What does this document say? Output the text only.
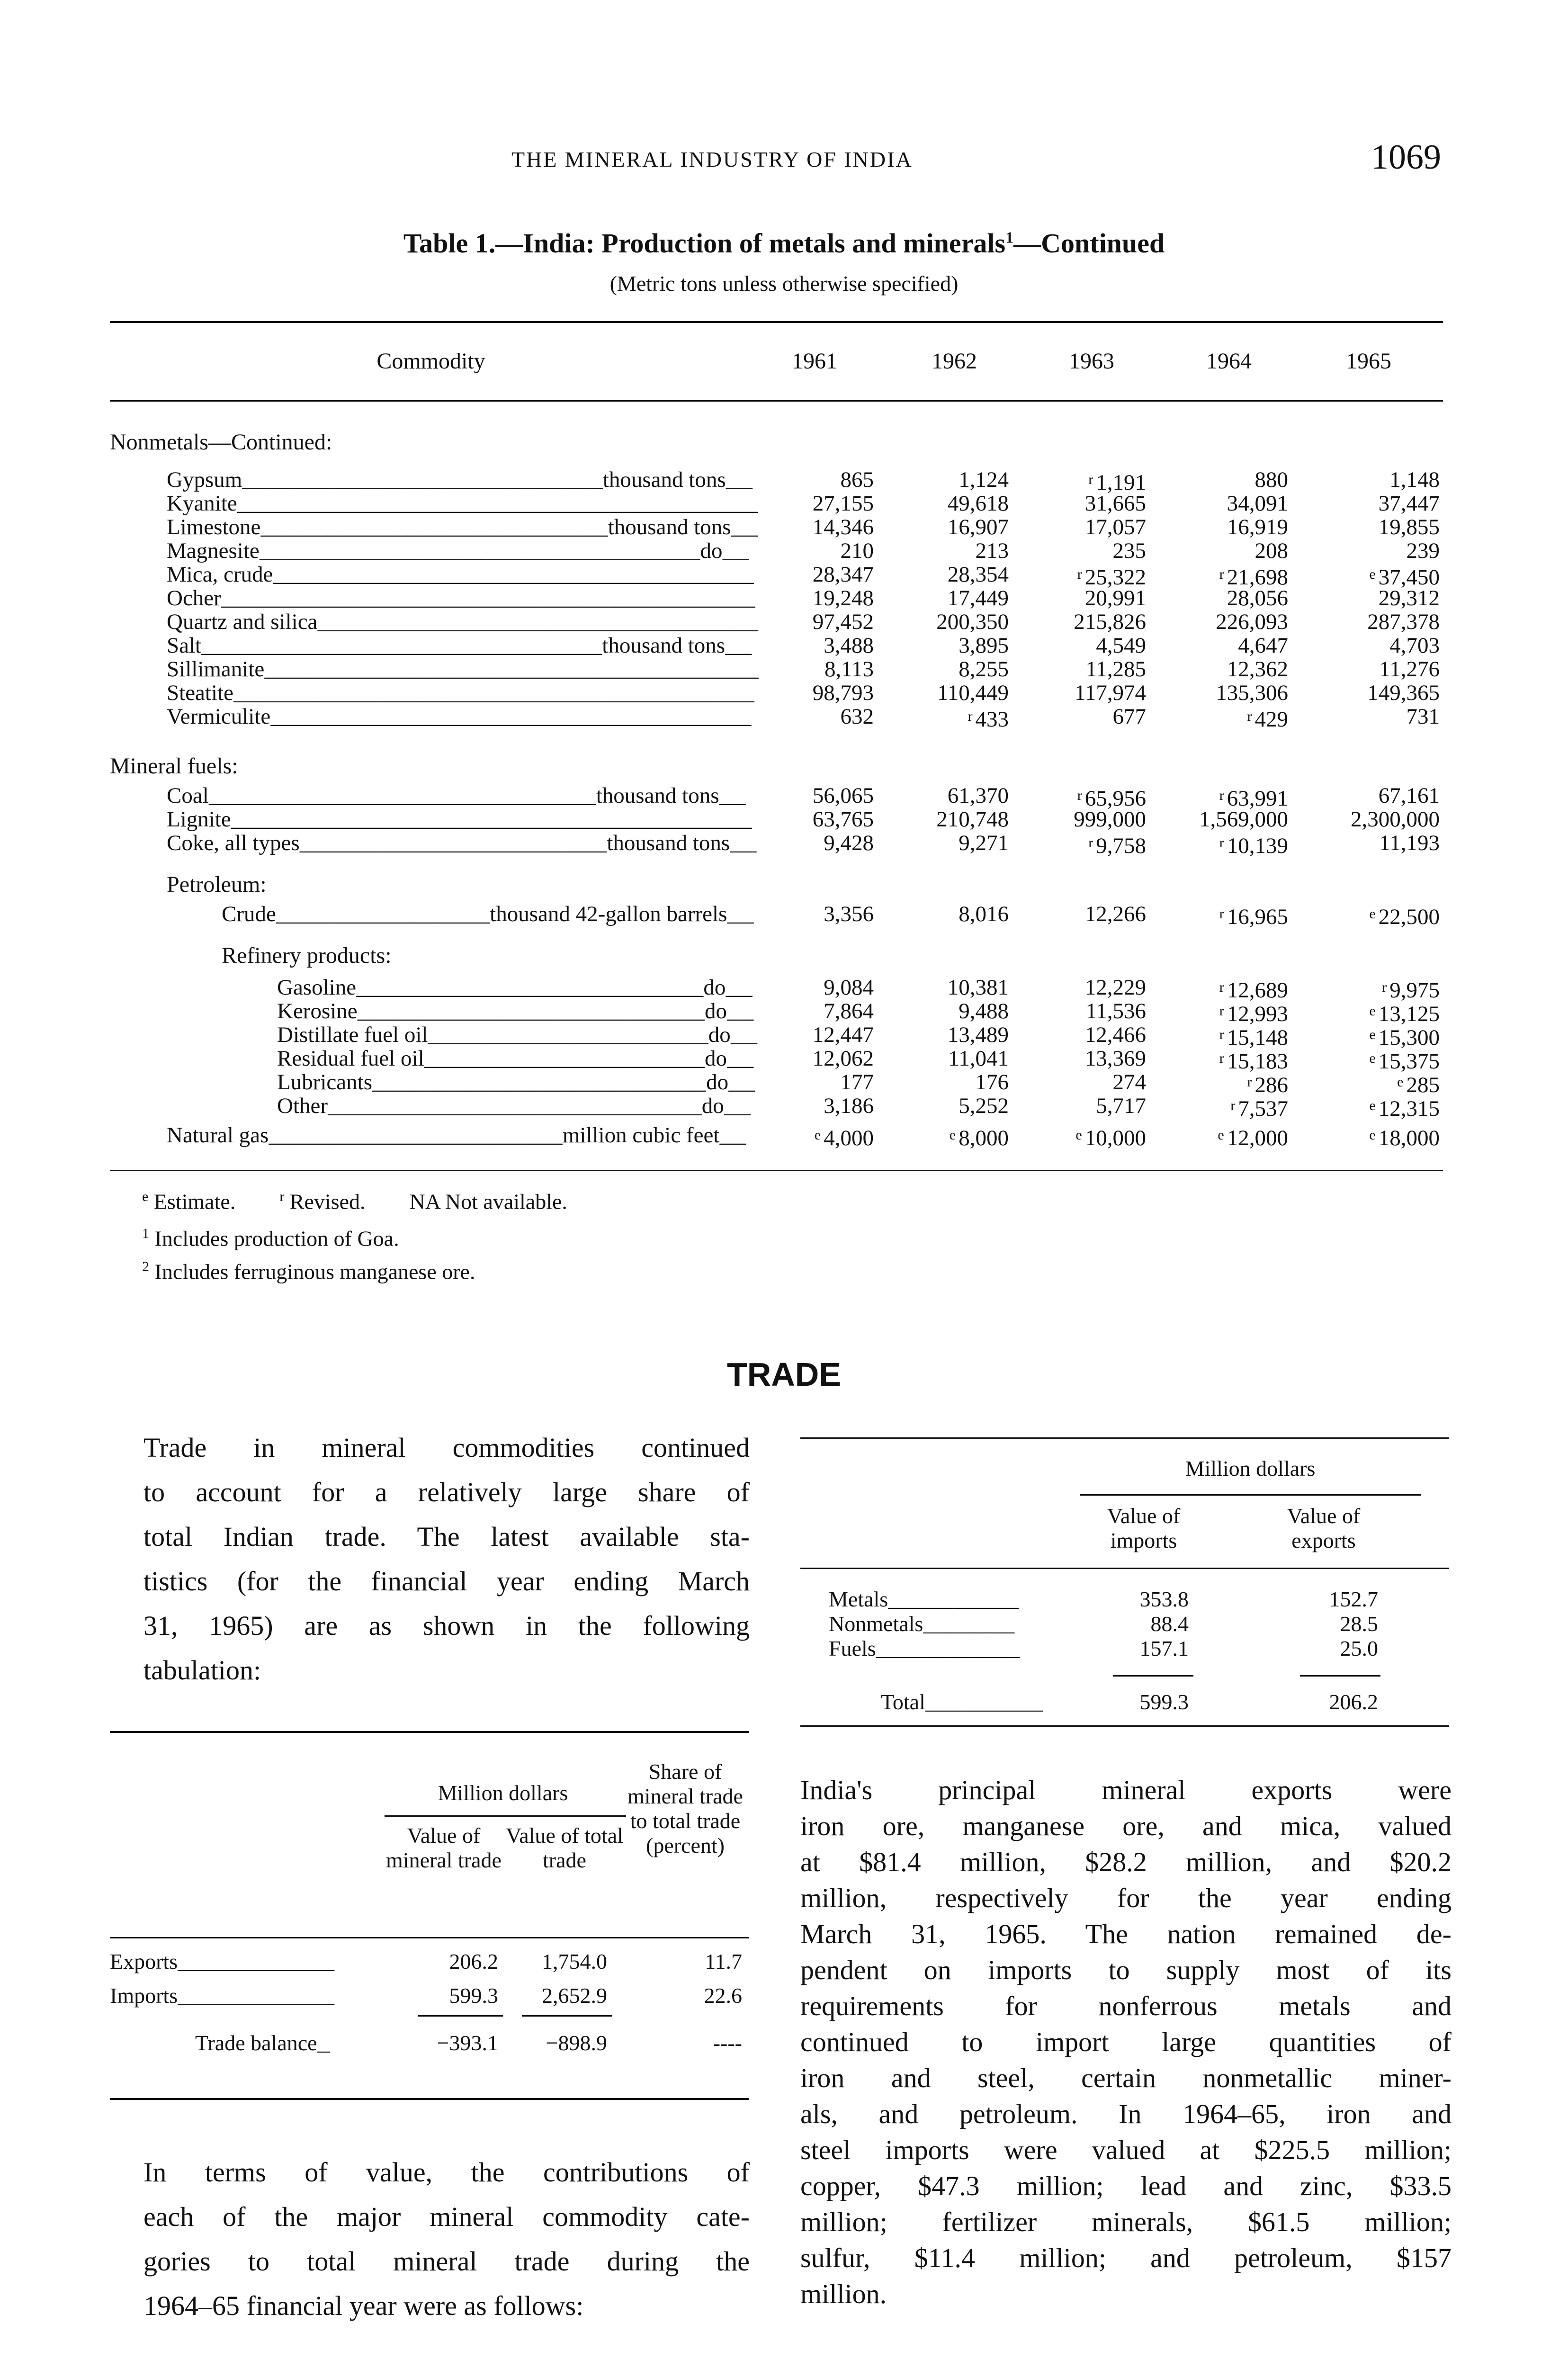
THE MINERAL INDUSTRY OF INDIA	1069
Table 1.—India: Production of metals and minerals$^1$—Continued
(Metric tons unless otherwise specified)
Commodity	1961	1962	1963	1964	1965
Nonmetals—Continued:
Gypsum___________________________thousand tons__	865	1,124	$^r$ 1,191	880	1,148
Kyanite_______________________________________	27,155	49,618	31,665	34,091	37,447
Limestone__________________________thousand tons__	14,346	16,907	17,057	16,919	19,855
Magnesite_________________________________do__	210	213	235	208	239
Mica, crude____________________________________	28,347	28,354	$^r$ 25,322	$^r$ 21,698	$^e$ 37,450
Ocher________________________________________	19,248	17,449	20,991	28,056	29,312
Quartz and silica_________________________________	97,452	200,350	215,826	226,093	287,378
Salt______________________________thousand tons__	3,488	3,895	4,549	4,647	4,703
Sillimanite_____________________________________	8,113	8,255	11,285	12,362	11,276
Steatite_______________________________________	98,793	110,449	117,974	135,306	149,365
Vermiculite____________________________________	632	$^r$ 433	677	$^r$ 429	731
Mineral fuels:
Coal_____________________________thousand tons__	56,065	61,370	$^r$ 65,956	$^r$ 63,991	67,161
Lignite_______________________________________	63,765	210,748	999,000	1,569,000	2,300,000
Coke, all types_______________________thousand tons__	9,428	9,271	$^r$ 9,758	$^r$ 10,139	11,193
Petroleum:
Crude________________thousand 42-gallon barrels__	3,356	8,016	12,266	$^r$ 16,965	$^e$ 22,500
Refinery products:
Gasoline__________________________do__	9,084	10,381	12,229	$^r$ 12,689	$^r$ 9,975
Kerosine__________________________do__	7,864	9,488	11,536	$^r$ 12,993	$^e$ 13,125
Distillate fuel oil_____________________do__	12,447	13,489	12,466	$^r$ 15,148	$^e$ 15,300
Residual fuel oil_____________________do__	12,062	11,041	13,369	$^r$ 15,183	$^e$ 15,375
Lubricants_________________________do__	177	176	274	$^r$ 286	$^e$ 285
Other____________________________do__	3,186	5,252	5,717	$^r$ 7,537	$^e$ 12,315
Natural gas______________________million cubic feet__	$^e$ 4,000	$^e$ 8,000	$^e$ 10,000	$^e$ 12,000	$^e$ 18,000
$^e$ Estimate.	$^r$ Revised. NA Not available.
$^1$ Includes production of Goa.
$^2$ Includes ferruginous manganese ore.
TRADE
Trade in mineral commodities continued
to account for a relatively large share of
total Indian trade. The latest available sta-
tistics (for the financial year ending March
31, 1965) are as shown in the following
tabulation:
Share of mineral trade to total trade (percent)
Million dollars
Value of mineral trade
Value of total trade
Exports____________	206.2	1,754.0	11.7
Imports____________	599.3	2,652.9	22.6
Trade balance_	−393.1	−898.9	----
In terms of value, the contributions of
each of the major mineral commodity cate-
gories to total mineral trade during the
1964–65 financial year were as follows:
Million dollars
Value of imports
Value of exports
Metals__________	353.8	152.7
Nonmetals_______	88.4	28.5
Fuels___________	157.1	25.0
Total_________	599.3	206.2
India's principal mineral exports were
iron ore, manganese ore, and mica, valued
at $81.4 million, $28.2 million, and $20.2
million, respectively for the year ending
March 31, 1965. The nation remained de-
pendent on imports to supply most of its
requirements for nonferrous metals and
continued to import large quantities of
iron and steel, certain nonmetallic miner-
als, and petroleum. In 1964–65, iron and
steel imports were valued at $225.5 million;
copper, $47.3 million; lead and zinc, $33.5
million; fertilizer minerals, $61.5 million;
sulfur, $11.4 million; and petroleum, $157
million.
